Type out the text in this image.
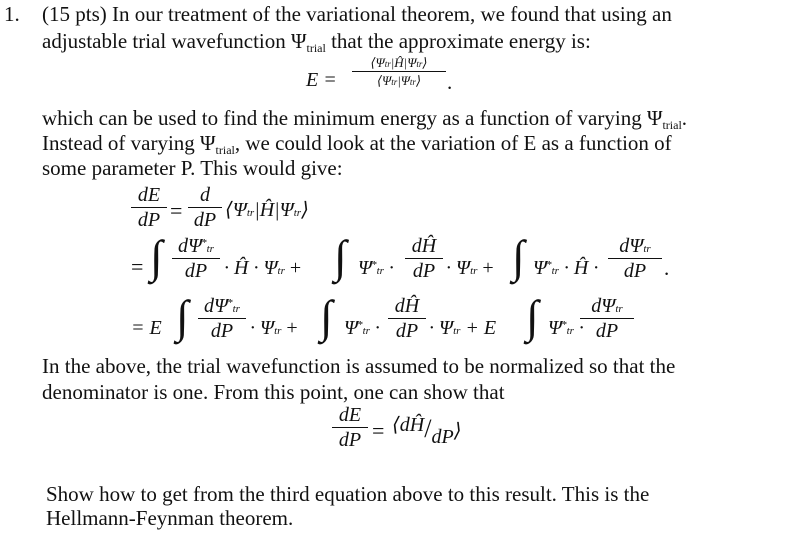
1. (15 pts) In our treatment of the variational theorem, we found that using an
adjustable trial wavefunction $\Psi_{trial}$ that the approximate energy is:
E =
⟨Ψtr|Ĥ|Ψtr⟩
⟨Ψtr|Ψtr⟩	.
which can be used to find the minimum energy as a function of varying $\Psi_{trial}$.
Instead of varying $\Psi_{trial}$, we could look at the variation of E as a function of
some parameter P. This would give:
dE
dP =
d
dP ⟨Ψtr|Ĥ|Ψtr⟩
= ∫ dΨ*tr
dP · Ĥ · Ψtr + ∫ Ψ*tr ·
dĤ
dP · Ψtr + ∫ Ψ*tr · Ĥ ·
dΨtr
dP .
= E ∫ dΨ*tr
dP · Ψtr + ∫ Ψ*tr ·
dĤ
dP · Ψtr + E ∫ Ψ*tr ·
dΨtr
dP
In the above, the trial wavefunction is assumed to be normalized so that the
denominator is one. From this point, one can show that
dE
dP = ⟨dĤ/dP⟩
Show how to get from the third equation above to this result. This is the
Hellmann-Feynman theorem.
